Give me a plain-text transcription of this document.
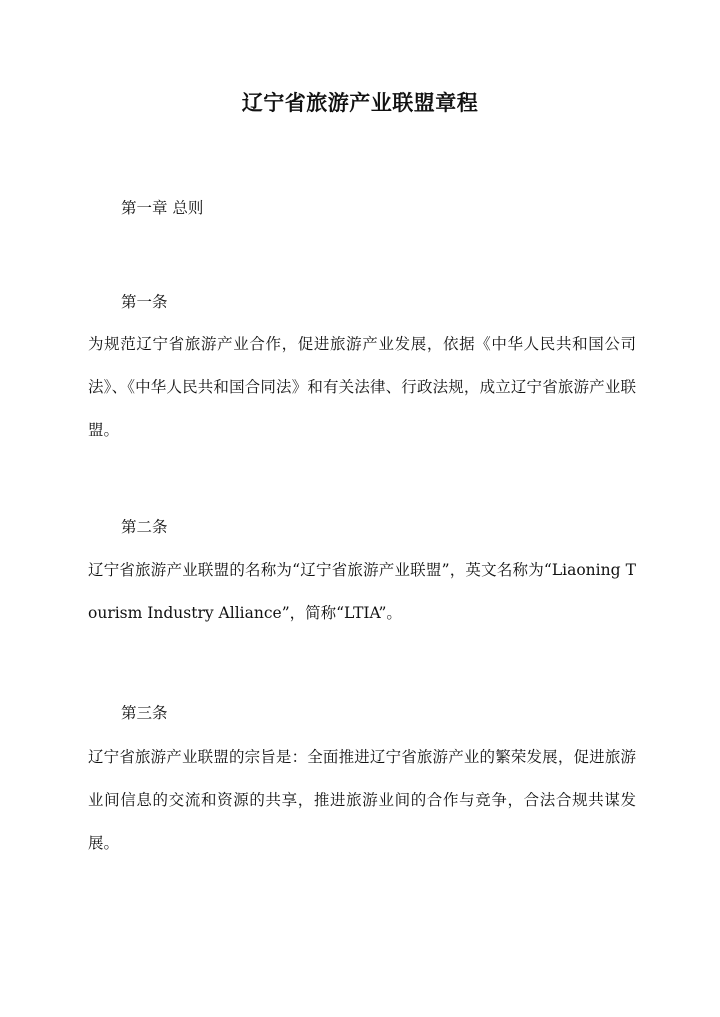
辽宁省旅游产业联盟章程
第一章 总则
第一条
为规范辽宁省旅游产业合作，促进旅游产业发展，依据《中华人民共和国公司法》、《中华人民共和国合同法》和有关法律、行政法规，成立辽宁省旅游产业联盟。
第二条
辽宁省旅游产业联盟的名称为“辽宁省旅游产业联盟”，英文名称为“Liaoning Tourism Industry Alliance”，简称“LTIA”。
第三条
辽宁省旅游产业联盟的宗旨是：全面推进辽宁省旅游产业的繁荣发展，促进旅游业间信息的交流和资源的共享，推进旅游业间的合作与竞争，合法合规共谋发展。
